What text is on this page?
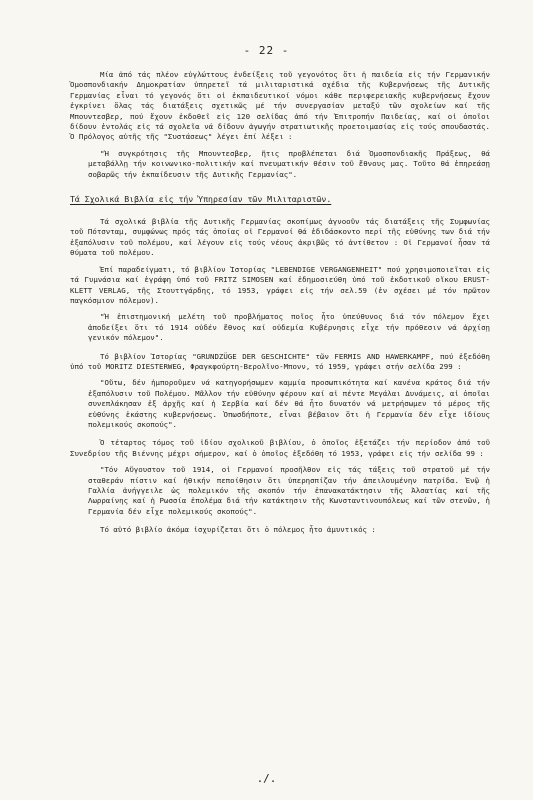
- 22 -

Μία ἀπό τάς πλέον εὐγλώττους ἐνδείξεις τοῦ γεγονότος ὅτι ἡ παιδεία εἰς τήν Γερμανικήν Ὁμοσπονδιακήν Δημοκρατίαν ὑπηρετεῖ τά μιλιταριστικά σχέδια τῆς Κυβερνήσεως τῆς Δυτικῆς Γερμανίας εἶναι τό γεγονός ὅτι οἱ ἐκπαιδευτικοί νόμοι κάθε περιφερειακῆς κυβερνήσεως ἔχουν ἐγκρίνει ὅλας τάς διατάξεις σχετικῶς μέ τήν συνεργασίαν μεταξύ τῶν σχολείων καί τῆς Μπουντεσβερ, πού ἔχουν ἐκδοθεῖ εἰς 120 σελίδας ἀπό τήν Ἐπιτροπήν Παιδείας, καί οἱ ὁποῖοι δίδουν ἐντολάς εἰς τά σχολεῖα νά δίδουν ἀγωγήν στρατιωτικῆς προετοιμασίας εἰς τούς σπουδαστάς. Ὁ Πρόλογος αὐτῆς τῆς "Συστάσεως" λέγει ἐπί λέξει :

"Ἡ συγκρότησις τῆς Μπουντεσβερ, ἥτις προβλέπεται διά Ὁμοσπονδιακῆς Πράξεως, θά μεταβάλλῃ τήν κοινωνικο-πολιτικήν καί πνευματικήν θέσιν τοῦ ἔθνους μας. Τοῦτο θά ἐπηρεάσῃ σοβαρῶς τήν ἐκπαίδευσιν τῆς Δυτικῆς Γερμανίας".

Τά Σχολικά Βιβλία εἰς τήν Ὑπηρεσίαν τῶν Μιλιταριστῶν.

Τά σχολικά βιβλία τῆς Δυτικῆς Γερμανίας σκοπίμως ἀγνοοῦν τάς διατάξεις τῆς Συμφωνίας τοῦ Πότσνταμ, συμφώνως πρός τάς ὁποίας οἱ Γερμανοί θά ἐδιδάσκοντο περί τῆς εὐθύνης των διά τήν ἐξαπόλυσιν τοῦ πολέμου, καί λέγουν εἰς τούς νέους ἀκριβῶς τό ἀντίθετον : Οἱ Γερμανοί ἦσαν τά θύματα τοῦ πολέμου.

Ἐπί παραδείγματι, τό βιβλίον Ἱστορίας "LEBENDIGE VERGANGENHEIT" πού χρησιμοποιεῖται εἰς τά Γυμνάσια καί ἐγράφη ὑπό τοῦ FRITZ SIMOSEN καί ἐδημοσιεύθη ὑπό τοῦ ἐκδοτικοῦ οἴκου ERUST-KLETT VERLAG, τῆς Στουττγάρδης, τό 1953, γράφει εἰς τήν σελ.59 (ἐν σχέσει μέ τόν πρῶτον παγκόσμιον πόλεμον).

"Ἡ ἐπιστημονική μελέτη τοῦ προβλήματος ποῖος ἦτο ὑπεύθυνος διά τόν πόλεμον ἔχει ἀποδείξει ὅτι τό 1914 οὐδέν ἔθνος καί οὐδεμία Κυβέρνησις εἶχε τήν πρόθεσιν νά ἀρχίσῃ γενικόν πόλεμον".

Τό βιβλίον Ἱστορίας "GRUNDZÜGE DER GESCHICHTE" τῶν FERMIS AND HAWERKAMPF, πού ἐξεδόθη ὑπό τοῦ MORITZ DIESTERWEG, Φραγκφούρτη-Βερολῖνο-Μπονν, τό 1959, γράφει στήν σελίδα 299 :

"Οὔτω, δέν ἠμποροῦμεν νά κατηγορήσωμεν καμμία προσωπικότητα καί κανένα κράτος διά τήν ἐξαπόλυσιν τοῦ Πολέμου. Μᾶλλον τήν εὐθύνην φέρουν καί αἱ πέντε Μεγάλαι Δυνάμεις, αἱ ὁποῖαι συνεπλάκησαν ἐξ ἀρχῆς καί ἡ Σερβία καί δέν θά ἦτο δυνατόν νά μετρήσωμεν τό μέρος τῆς εὐθύνης ἑκάστης κυβερνήσεως. Ὁπωσδήποτε, εἶναι βέβαιον ὅτι ἡ Γερμανία δέν εἶχε ἰδίους πολεμικούς σκοπούς".

Ὁ τέταρτος τόμος τοῦ ἰδίου σχολικοῦ βιβλίου, ὁ ὁποῖος ἐξετάζει τήν περίοδον ἀπό τοῦ Συνεδρίου τῆς Βιέννης μέχρι σήμερον, καί ὁ ὁποῖος ἐξεδόθη τό 1953, γράφει εἰς τήν σελίδα 99 :

"Τόν Αὔγουστον τοῦ 1914, οἱ Γερμανοί προσῆλθον εἰς τάς τάξεις τοῦ στρατοῦ μέ τήν σταθεράν πίστιν καί ἠθικήν πεποίθησιν ὅτι ὑπερησπίζαν τήν ἀπειλουμένην πατρίδα. Ἐνῷ ἡ Γαλλία ἀνήγγειλε ὡς πολεμικόν τῆς σκοπόν τήν ἐπανακατάκτησιν τῆς Ἀλσατίας καί τῆς Λωρραίνης καί ἡ Ρωσσία ἐπολέμα διά τήν κατάκτησιν τῆς Κωνσταντινουπόλεως καί τῶν στενῶν, ἡ Γερμανία δέν εἶχε πολεμικούς σκοπούς".

Τό αὐτό βιβλίο ἀκόμα ἰσχυρίζεται ὅτι ὁ πόλεμος ἦτο ἀμυντικός :

./.
